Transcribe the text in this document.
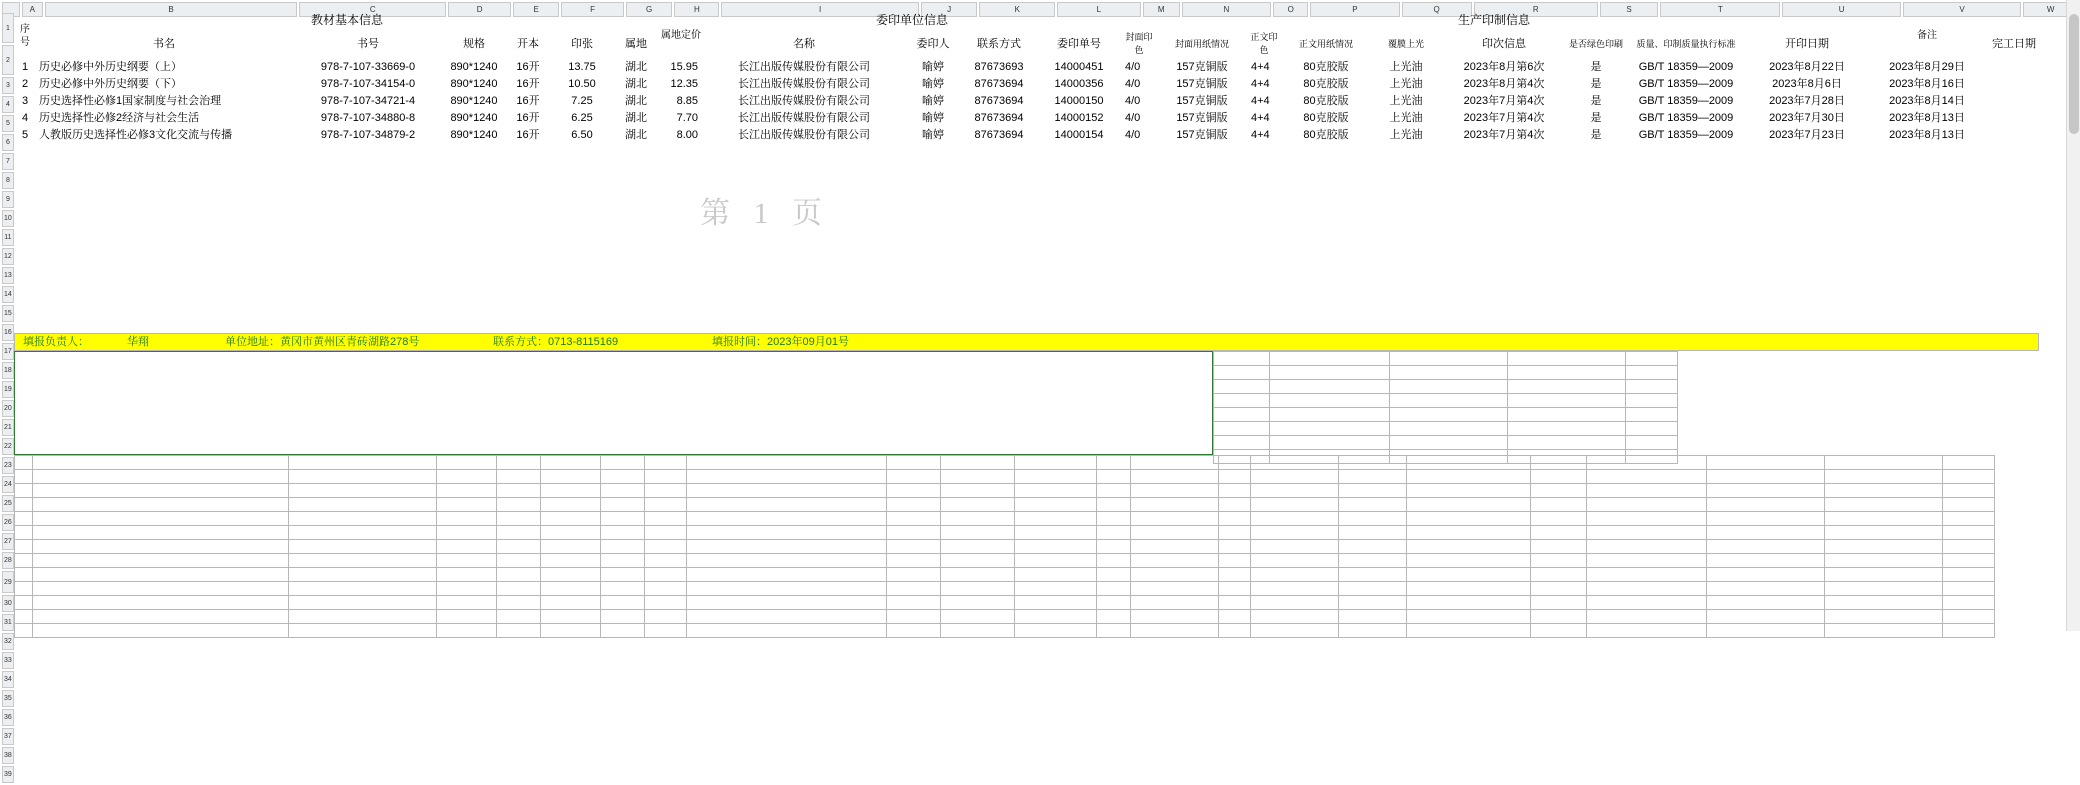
	A	B	C	D	E	F	G	H	I	J	K	L	M	N	O	P	Q	R	S	T	U	V	W
1
2
3
4
5
6
7
8
9
10
11
12
13
14
15
16
17
18
19
20
21
22
23
24
25
26
27
28
29
30
31
32
33
34
35
36
37
38
39
序号	教材基本信息						属地定价	委印单位信息				生产印制信息									备注	
	书名	书号	规格	开本	印张	属地		名称	委印人	联系方式	委印单号	封面印色	封面用纸情况	正文印色	正文用纸情况	覆膜上光	印次信息	是否绿色印刷	质量、印制质量执行标准	开印日期		完工日期
1	历史必修中外历史纲要（上）	978-7-107-33669-0	890*1240	16开	13.75	湖北	15.95	长江出版传媒股份有限公司	喻婷	87673693	14000451	4/0	157克铜版	4+4	80克胶版	上光油	2023年8月第6次	是	GB/T 18359—2009	2023年8月22日	2023年8月29日	
2	历史必修中外历史纲要（下）	978-7-107-34154-0	890*1240	16开	10.50	湖北	12.35	长江出版传媒股份有限公司	喻婷	87673694	14000356	4/0	157克铜版	4+4	80克胶版	上光油	2023年8月第4次	是	GB/T 18359—2009	2023年8月6日	2023年8月16日	
3	历史选择性必修1国家制度与社会治理	978-7-107-34721-4	890*1240	16开	7.25	湖北	8.85	长江出版传媒股份有限公司	喻婷	87673694	14000150	4/0	157克铜版	4+4	80克胶版	上光油	2023年7月第4次	是	GB/T 18359—2009	2023年7月28日	2023年8月14日	
4	历史选择性必修2经济与社会生活	978-7-107-34880-8	890*1240	16开	6.25	湖北	7.70	长江出版传媒股份有限公司	喻婷	87673694	14000152	4/0	157克铜版	4+4	80克胶版	上光油	2023年7月第4次	是	GB/T 18359—2009	2023年7月30日	2023年8月13日	
5	人教版历史选择性必修3文化交流与传播	978-7-107-34879-2	890*1240	16开	6.50	湖北	8.00	长江出版传媒股份有限公司	喻婷	87673694	14000154	4/0	157克铜版	4+4	80克胶版	上光油	2023年7月第4次	是	GB/T 18359—2009	2023年7月23日	2023年8月13日	

第 1 页
填报负责人：	华翔	单位地址： 黄冈市黄州区青砖湖路278号	联系方式： 0713-8115169	填报时间： 2023年09月01号
